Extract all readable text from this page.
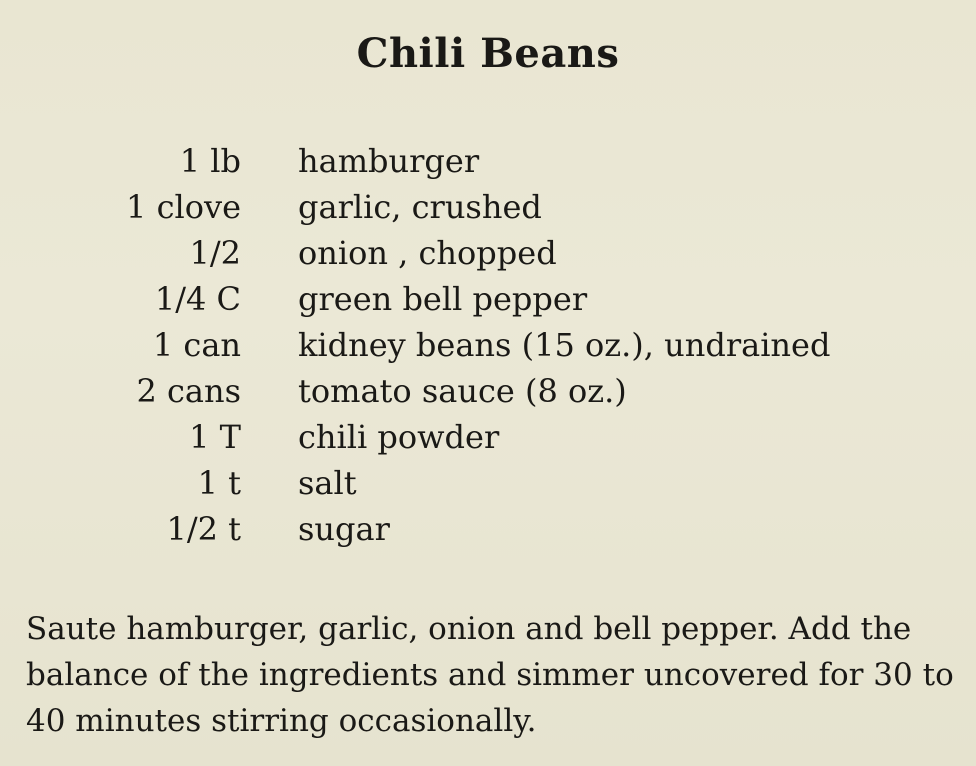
Chili Beans
1 lb hamburger
1 clove garlic, crushed
1/2 onion , chopped
1/4 C green bell pepper
1 can kidney beans (15 oz.), undrained
2 cans tomato sauce (8 oz.)
1 T chili powder
1 t salt
1/2 t sugar
Saute hamburger, garlic, onion and bell pepper. Add the balance of the ingredients and simmer uncovered for 30 to 40 minutes stirring occasionally.
